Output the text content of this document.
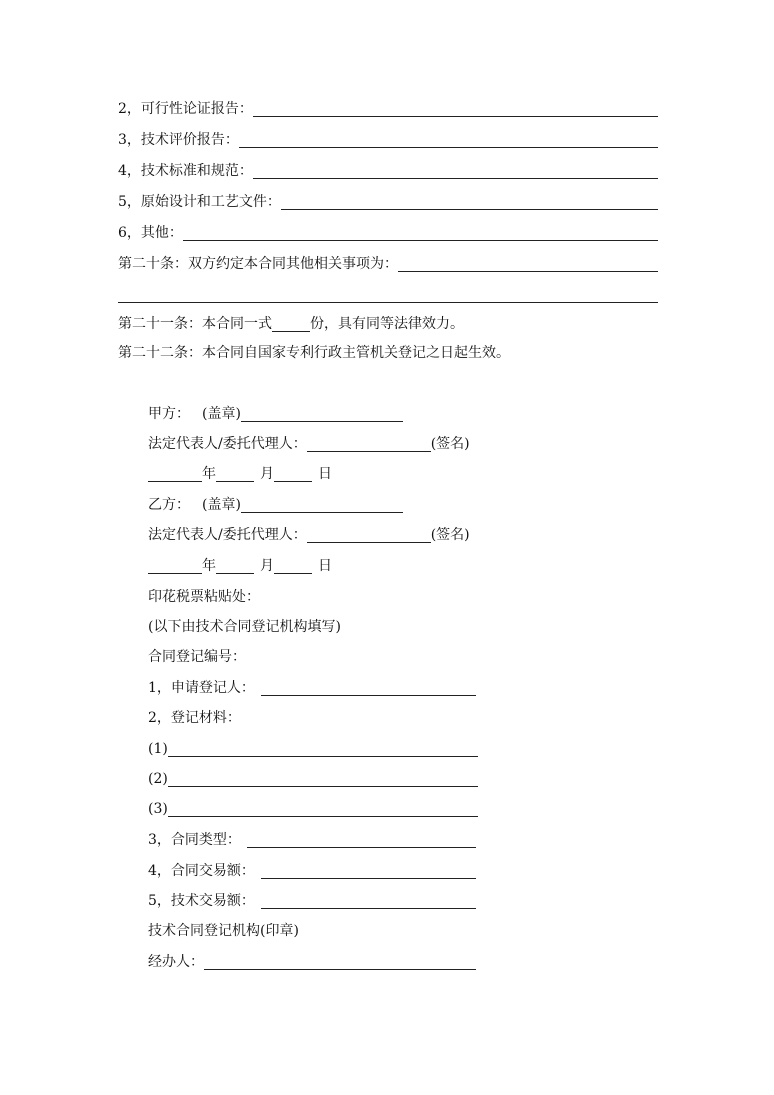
2，可行性论证报告：
3，技术评价报告：
4，技术标准和规范：
5，原始设计和工艺文件：
6，其他：
第二十条：双方约定本合同其他相关事项为：
第二十一条：本合同一式	份，具有同等法律效力。
第二十二条：本合同自国家专利行政主管机关登记之日起生效。
甲方： (盖章)
法定代表人/委托代理人：	(签名)
年	月	日
乙方： (盖章)
法定代表人/委托代理人：	(签名)
年	月	日
印花税票粘贴处：
(以下由技术合同登记机构填写)
合同登记编号：
1，申请登记人：
2，登记材料：
(1)
(2)
(3)
3，合同类型：
4，合同交易额：
5，技术交易额：
技术合同登记机构(印章)
经办人：
